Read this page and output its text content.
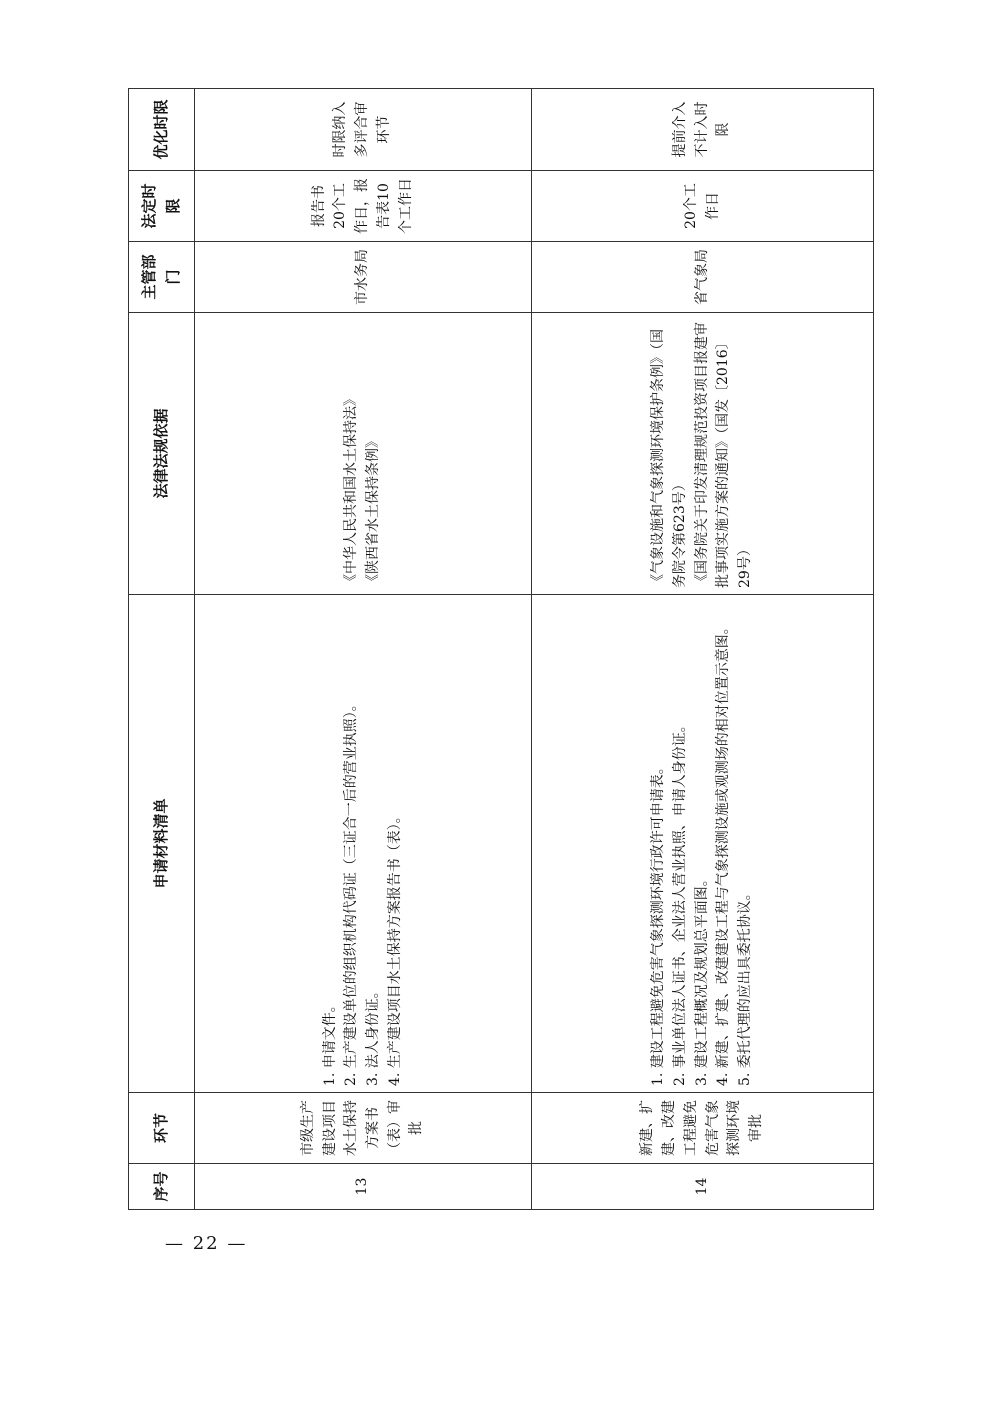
序号	环节	申请材料清单	法律法规依据	主管部门	法定时限	优化时限
13	市级生产建设项目水土保持方案书（表）审批	1. 申请文件。 2. 生产建设单位的组织机构代码证（三证合一后的营业执照）。 3. 法人身份证。 4. 生产建设项目水土保持方案报告书（表）。	《中华人民共和国水土保持法》 《陕西省水土保持条例》	市水务局	报告书20个工作日，报告表10个工作日	时限纳入多评合审环节
14	新建、扩建、改建工程避免危害气象探测环境审批	1. 建设工程避免危害气象探测环境行政许可申请表。 2. 事业单位法人证书、企业法人营业执照、申请人身份证。 3. 建设工程概况及规划总平面图。 4. 新建、扩建、改建建设工程与气象探测设施或观测场的相对位置示意图。 5. 委托代理的应出具委托协议。	《气象设施和气象探测环境保护条例》（国务院令第623号） 《国务院关于印发清理规范投资项目报建审批事项实施方案的通知》（国发〔2016〕29号）	省气象局	20个工作日	提前介入不计入时限
— 22 —
